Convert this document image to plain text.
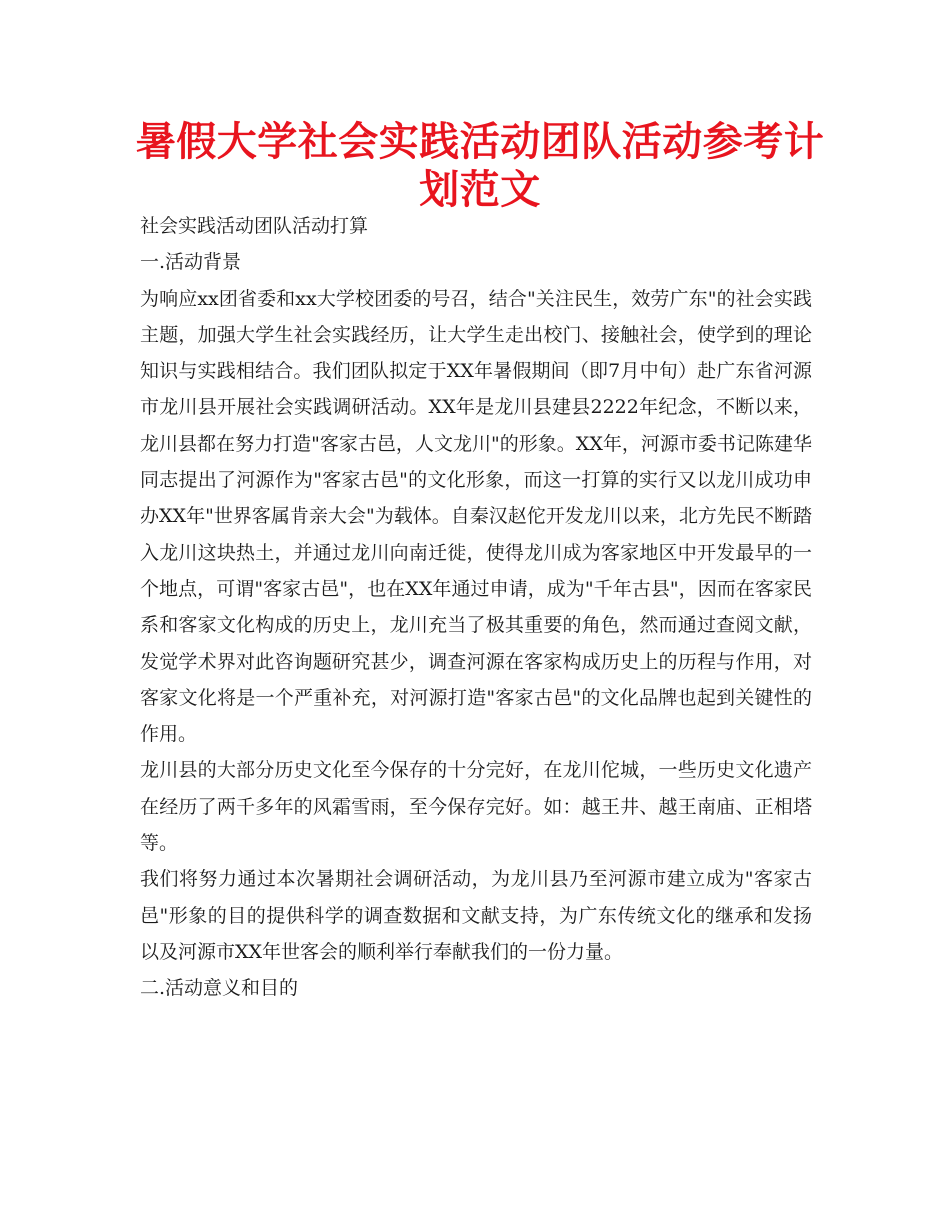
暑假大学社会实践活动团队活动参考计划范文

社会实践活动团队活动打算

一.活动背景

为响应xx团省委和xx大学校团委的号召，结合"关注民生，效劳广东"的社会实践主题，加强大学生社会实践经历，让大学生走出校门、接触社会，使学到的理论知识与实践相结合。我们团队拟定于XX年暑假期间（即7月中旬）赴广东省河源市龙川县开展社会实践调研活动。XX年是龙川县建县2222年纪念，不断以来，龙川县都在努力打造"客家古邑，人文龙川"的形象。XX年，河源市委书记陈建华同志提出了河源作为"客家古邑"的文化形象，而这一打算的实行又以龙川成功申办XX年"世界客属肯亲大会"为载体。自秦汉赵佗开发龙川以来，北方先民不断踏入龙川这块热土，并通过龙川向南迁徙，使得龙川成为客家地区中开发最早的一个地点，可谓"客家古邑"，也在XX年通过申请，成为"千年古县"，因而在客家民系和客家文化构成的历史上，龙川充当了极其重要的角色，然而通过查阅文献，发觉学术界对此咨询题研究甚少，调查河源在客家构成历史上的历程与作用，对客家文化将是一个严重补充，对河源打造"客家古邑"的文化品牌也起到关键性的作用。

龙川县的大部分历史文化至今保存的十分完好，在龙川佗城，一些历史文化遗产在经历了两千多年的风霜雪雨，至今保存完好。如：越王井、越王南庙、正相塔等。

我们将努力通过本次暑期社会调研活动，为龙川县乃至河源市建立成为"客家古邑"形象的目的提供科学的调查数据和文献支持，为广东传统文化的继承和发扬以及河源市XX年世客会的顺利举行奉献我们的一份力量。

二.活动意义和目的
